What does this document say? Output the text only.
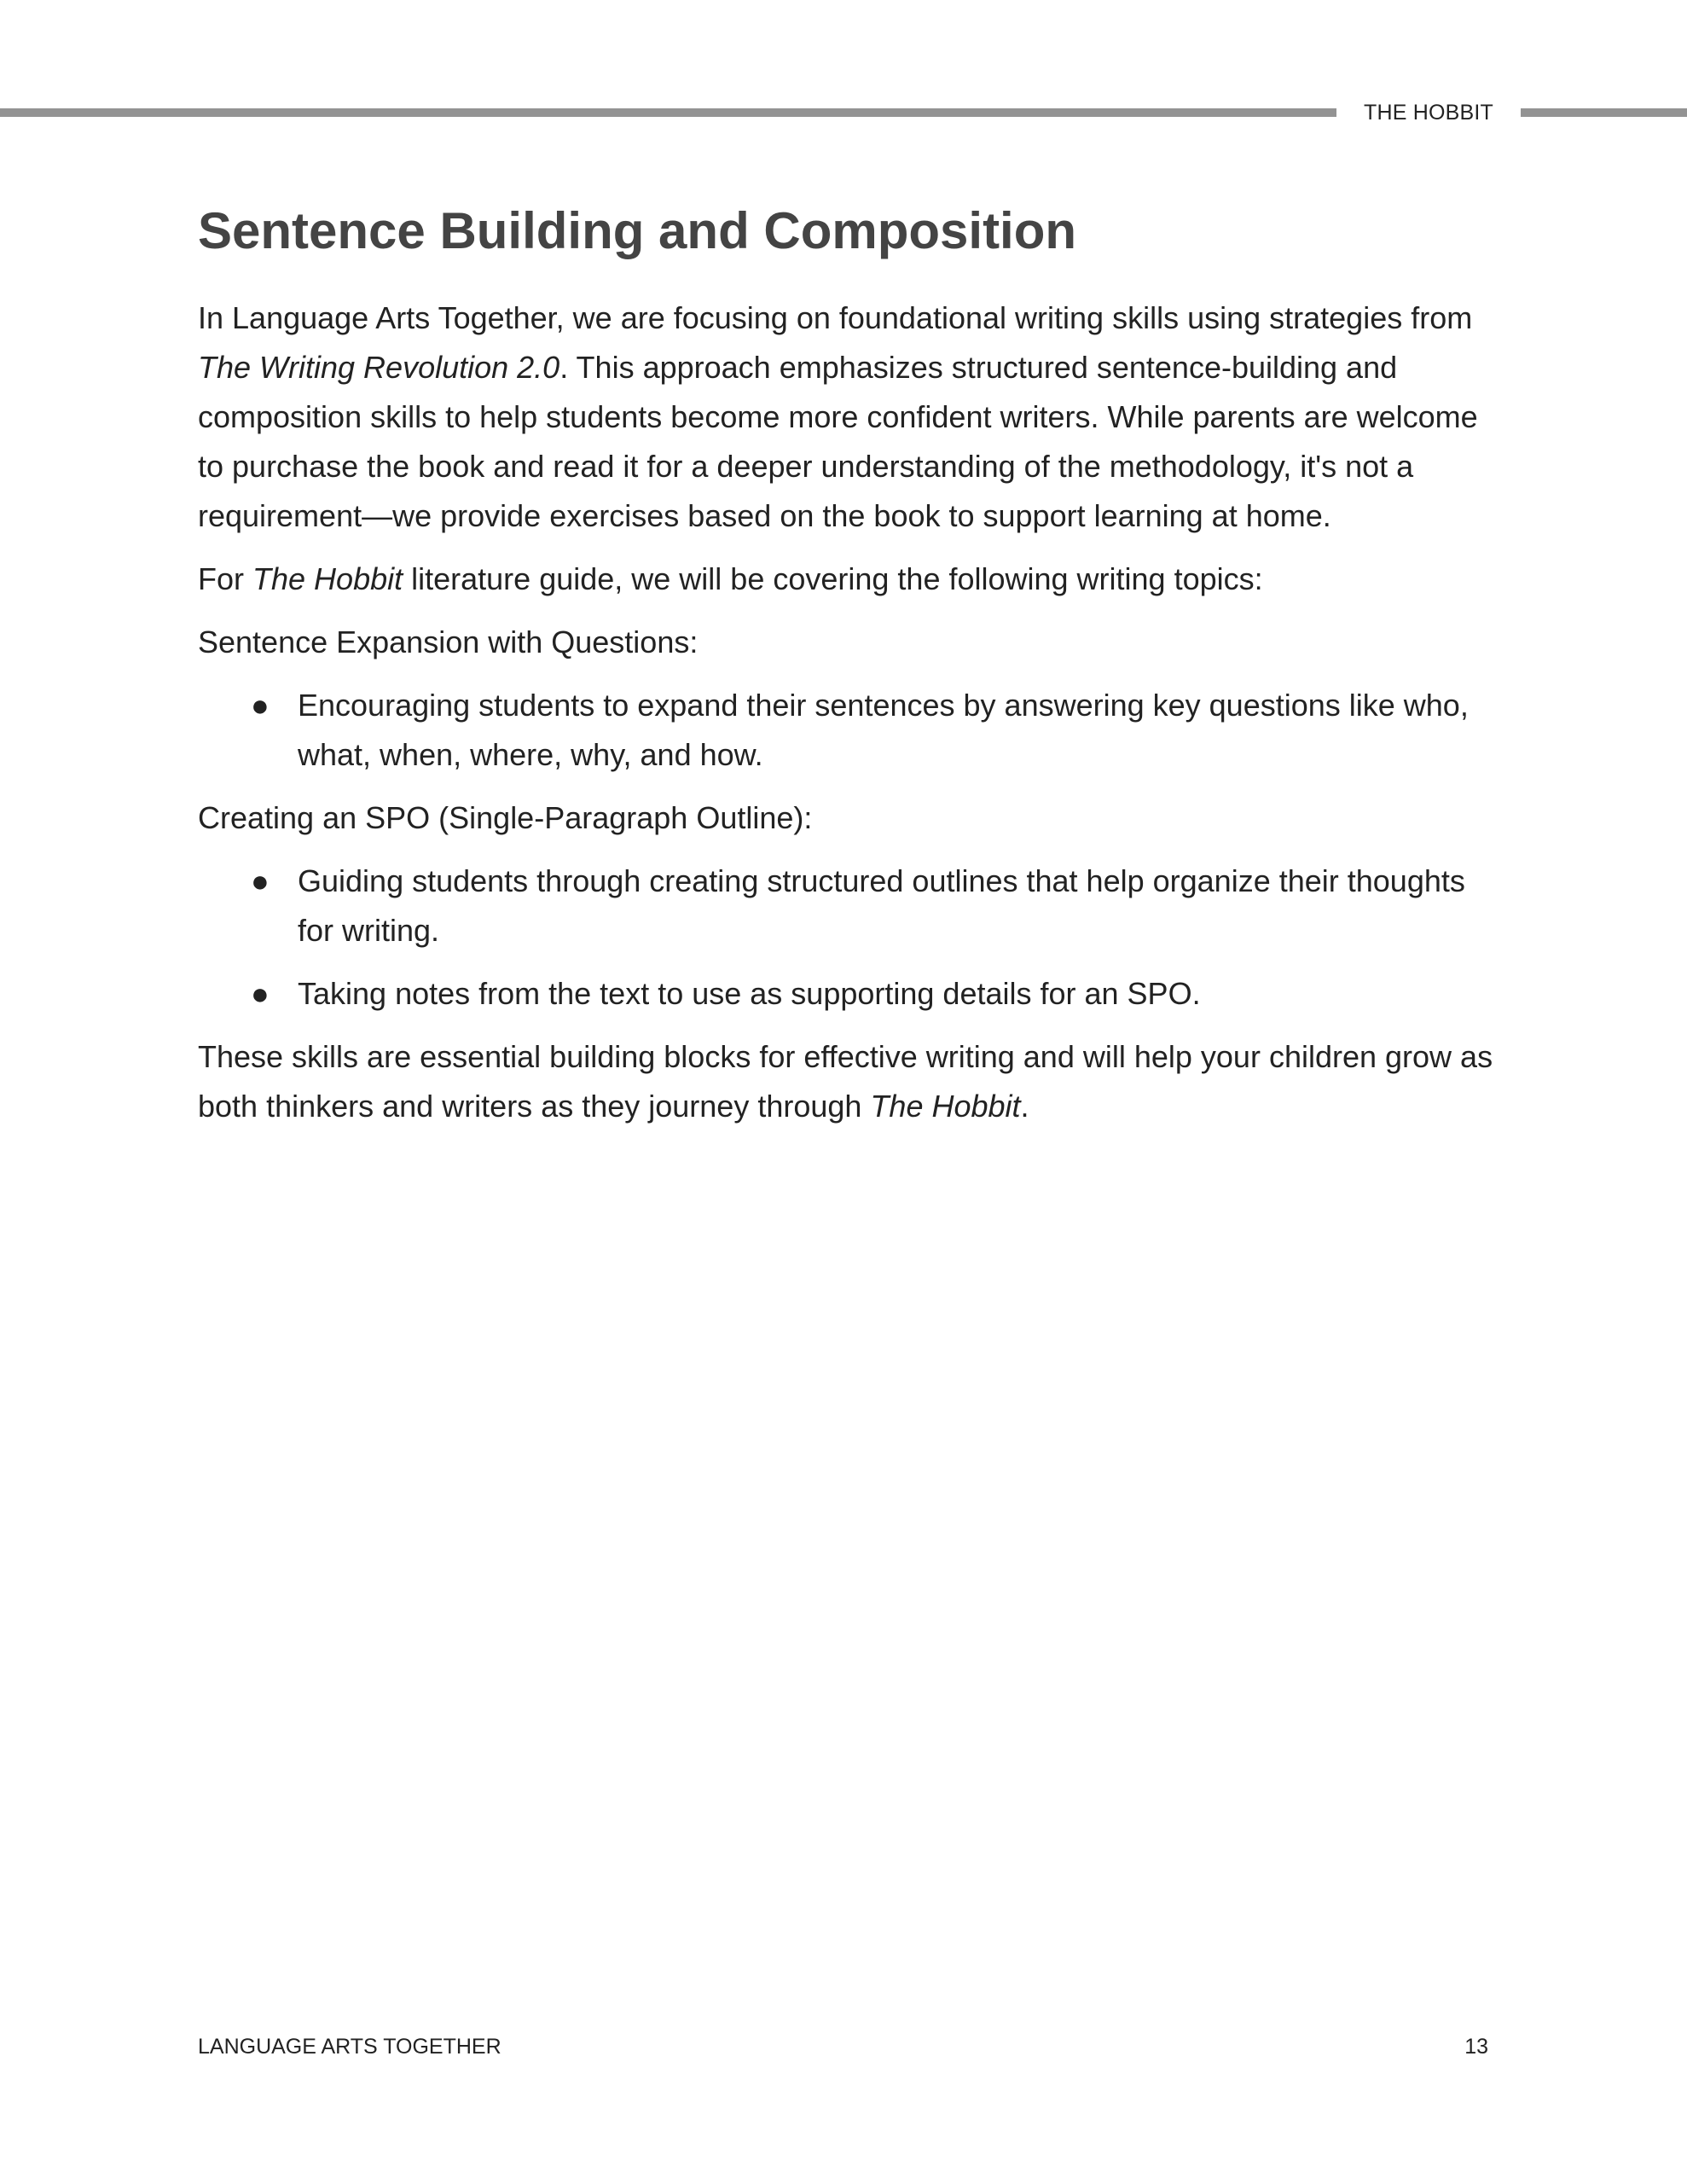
THE HOBBIT
Sentence Building and Composition

In Language Arts Together, we are focusing on foundational writing skills using strategies from The Writing Revolution 2.0. This approach emphasizes structured sentence-building and composition skills to help students become more confident writers. While parents are welcome to purchase the book and read it for a deeper understanding of the methodology, it's not a requirement—we provide exercises based on the book to support learning at home.

For The Hobbit literature guide, we will be covering the following writing topics:

Sentence Expansion with Questions:

● Encouraging students to expand their sentences by answering key questions like who, what, when, where, why, and how.

Creating an SPO (Single-Paragraph Outline):

● Guiding students through creating structured outlines that help organize their thoughts for writing.
● Taking notes from the text to use as supporting details for an SPO.

These skills are essential building blocks for effective writing and will help your children grow as both thinkers and writers as they journey through The Hobbit.

LANGUAGE ARTS TOGETHER	13
